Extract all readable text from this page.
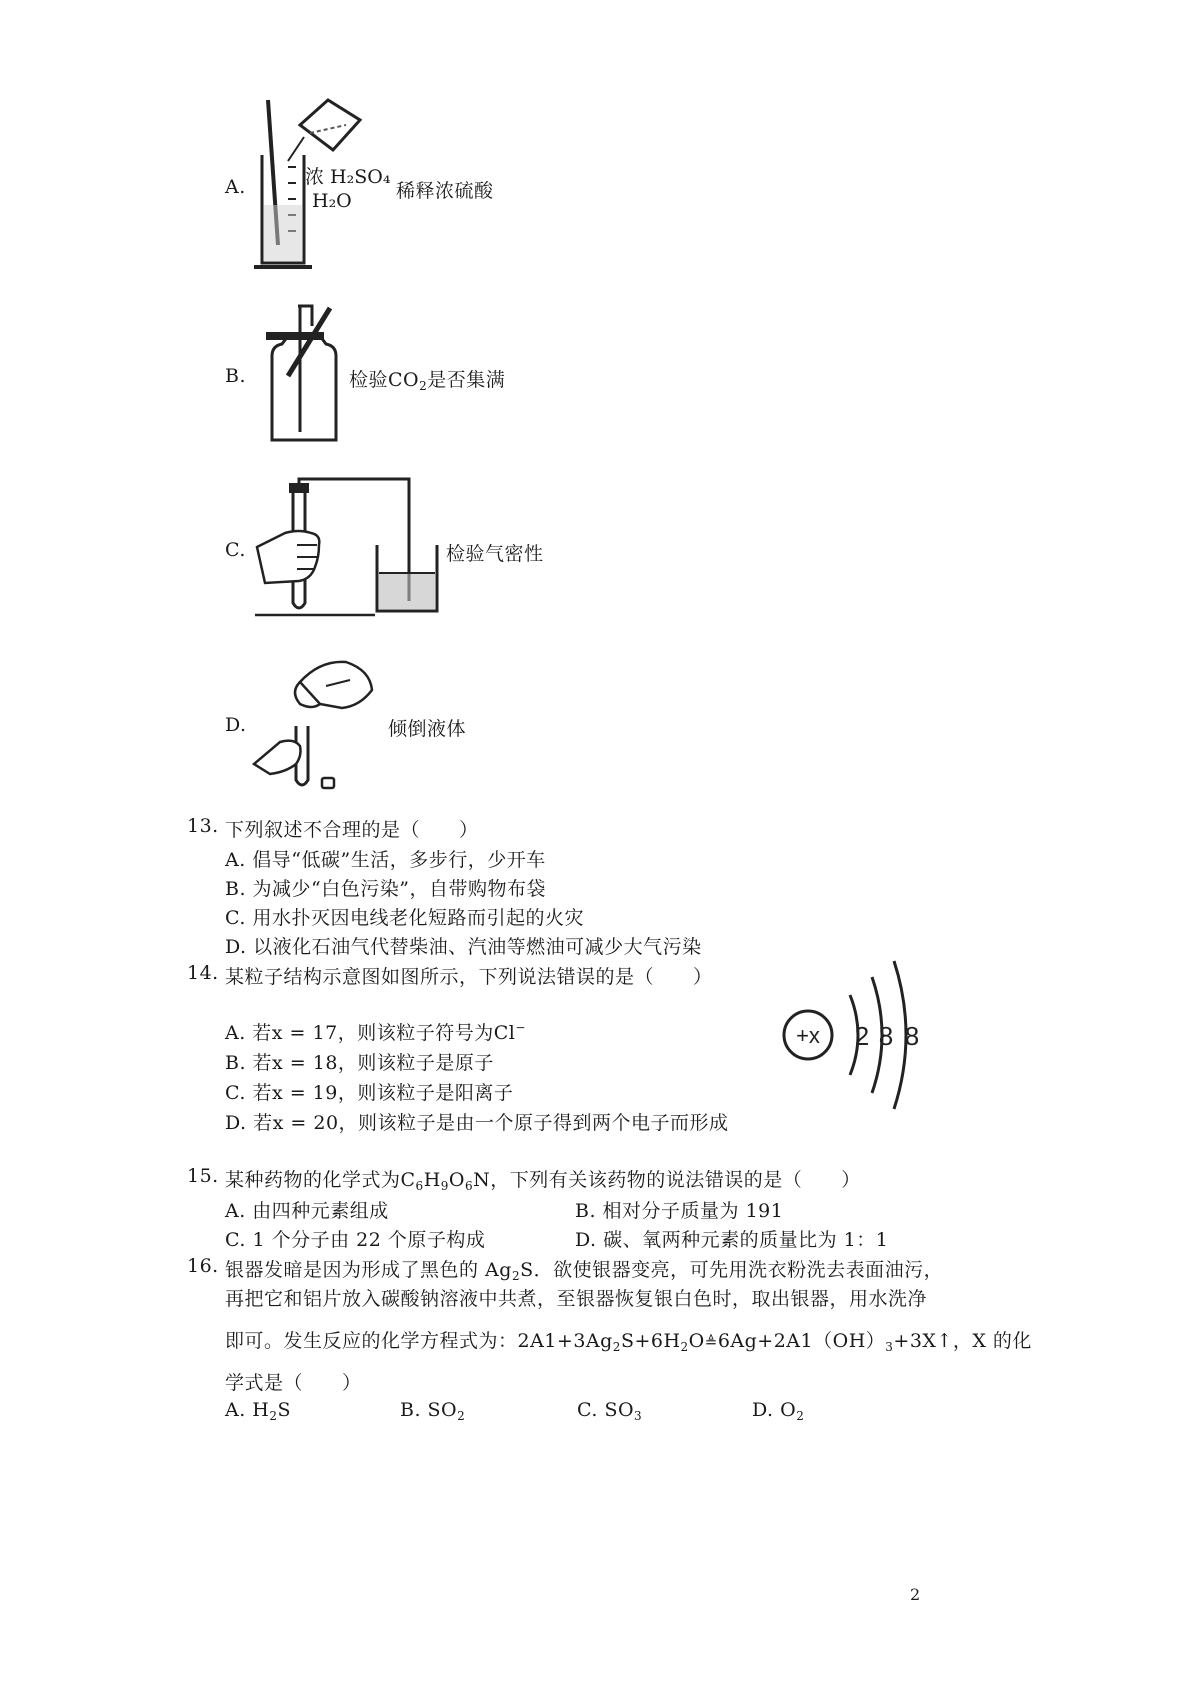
A.	浓 H₂SO₄
H₂O 稀释浓硫酸
B.	检验$CO_2$是否集满
C.	检验气密性
D.	倾倒液体
13. 下列叙述不合理的是（　　）
A. 倡导“低碳”生活，多步行，少开车
B. 为减少“白色污染”，自带购物布袋
C. 用水扑灭因电线老化短路而引起的火灾
D. 以液化石油气代替柴油、汽油等燃油可减少大气污染
14. 某粒子结构示意图如图所示，下列说法错误的是（　　）
A. 若x = 17，则该粒子符号为Cl−
B. 若x = 18，则该粒子是原子
C. 若x = 19，则该粒子是阳离子
D. 若x = 20，则该粒子是由一个原子得到两个电子而形成
+x 2 8 8
15. 某种药物的化学式为$C_6H_9O_6N$，下列有关该药物的说法错误的是（　　）
A. 由四种元素组成	B. 相对分子质量为 191
C. 1 个分子由 22 个原子构成	D. 碳、氧两种元素的质量比为 1：1
16. 银器发暗是因为形成了黑色的 $Ag_2S$．欲使银器变亮，可先用洗衣粉洗去表面油污，
再把它和铝片放入碳酸钠溶液中共煮，至银器恢复银白色时，取出银器，用水洗净
即可。发生反应的化学方程式为：$2A1+3Ag_2S+6H_2O≜6Ag+2A1(OH)_3+3X↑$，X 的化
学式是（　　）
A. $H_2S$	B. $SO_2$	C. $SO_3$	D. $O_2$
2
